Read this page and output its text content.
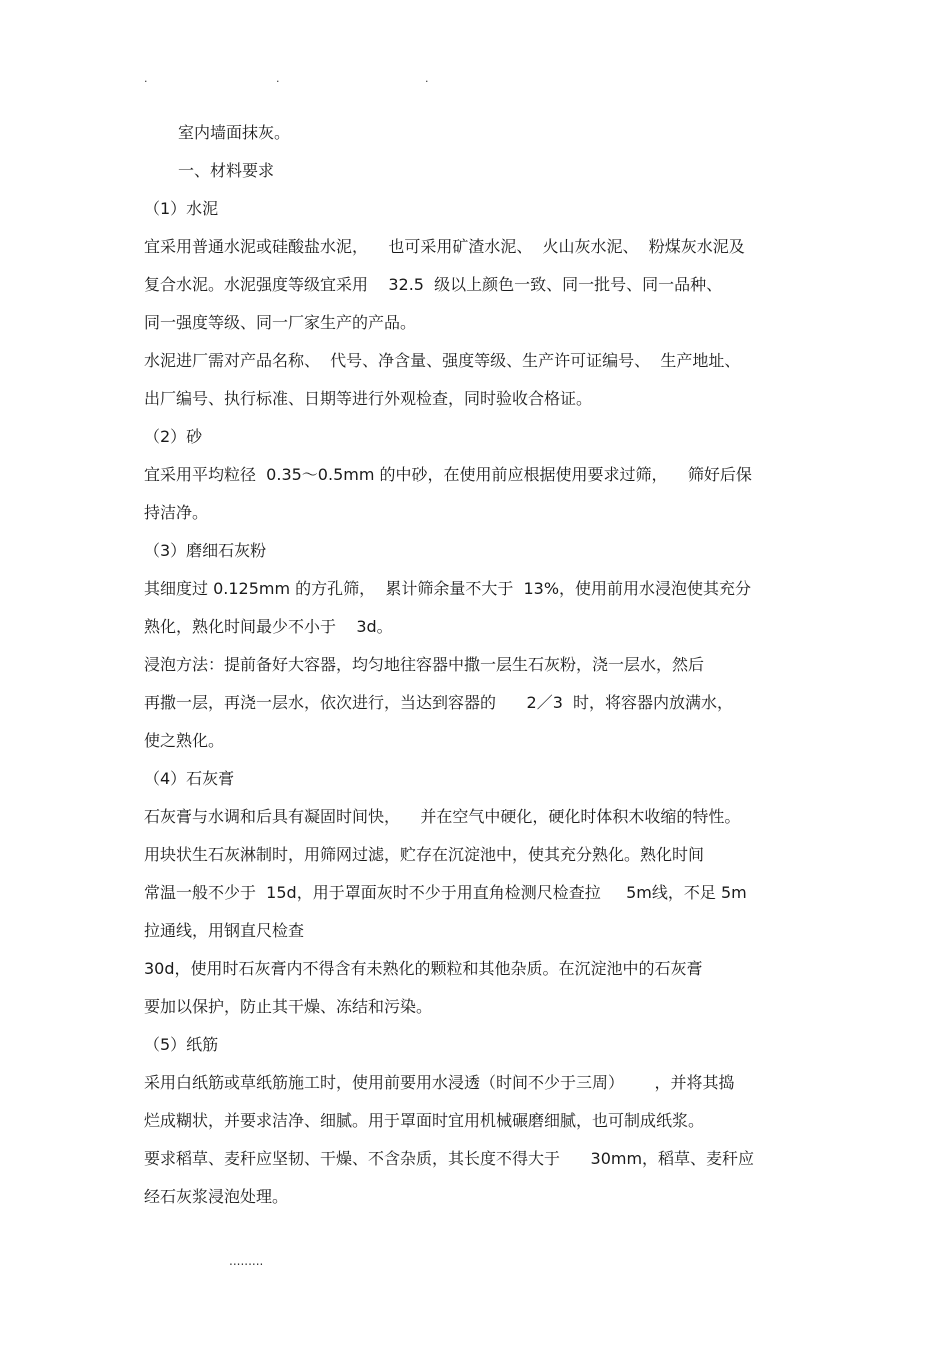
.	.	.
室内墙面抹灰。
一、材料要求
（1）水泥
宜采用普通水泥或硅酸盐水泥，    也可采用矿渣水泥、  火山灰水泥、  粉煤灰水泥及
复合水泥。水泥强度等级宜采用    32.5  级以上颜色一致、同一批号、同一品种、
同一强度等级、同一厂家生产的产品。
水泥进厂需对产品名称、  代号、净含量、强度等级、生产许可证编号、  生产地址、
出厂编号、执行标准、日期等进行外观检查，同时验收合格证。
（2）砂
宜采用平均粒径  0.35～0.5mm 的中砂，在使用前应根据使用要求过筛，    筛好后保
持洁净。
（3）磨细石灰粉
其细度过 0.125mm 的方孔筛，  累计筛余量不大于  13%，使用前用水浸泡使其充分
熟化，熟化时间最少不小于    3d。
浸泡方法：提前备好大容器，均匀地往容器中撒一层生石灰粉，浇一层水，然后
再撒一层，再浇一层水，依次进行，当达到容器的      2／3  时，将容器内放满水，
使之熟化。
（4）石灰膏
石灰膏与水调和后具有凝固时间快，    并在空气中硬化，硬化时体积木收缩的特性。
用块状生石灰淋制时，用筛网过滤，贮存在沉淀池中，使其充分熟化。熟化时间
常温一般不少于  15d，用于罩面灰时不少于用直角检测尺检查拉     5m线，不足 5m
拉通线，用钢直尺检查
30d，使用时石灰膏内不得含有未熟化的颗粒和其他杂质。在沉淀池中的石灰膏
要加以保护，防止其干燥、冻结和污染。
（5）纸筋
采用白纸筋或草纸筋施工时，使用前要用水浸透（时间不少于三周）      ，并将其捣
烂成糊状，并要求洁净、细腻。用于罩面时宜用机械碾磨细腻，也可制成纸浆。
要求稻草、麦秆应坚韧、干燥、不含杂质，其长度不得大于      30mm，稻草、麦秆应
经石灰浆浸泡处理。
.........
